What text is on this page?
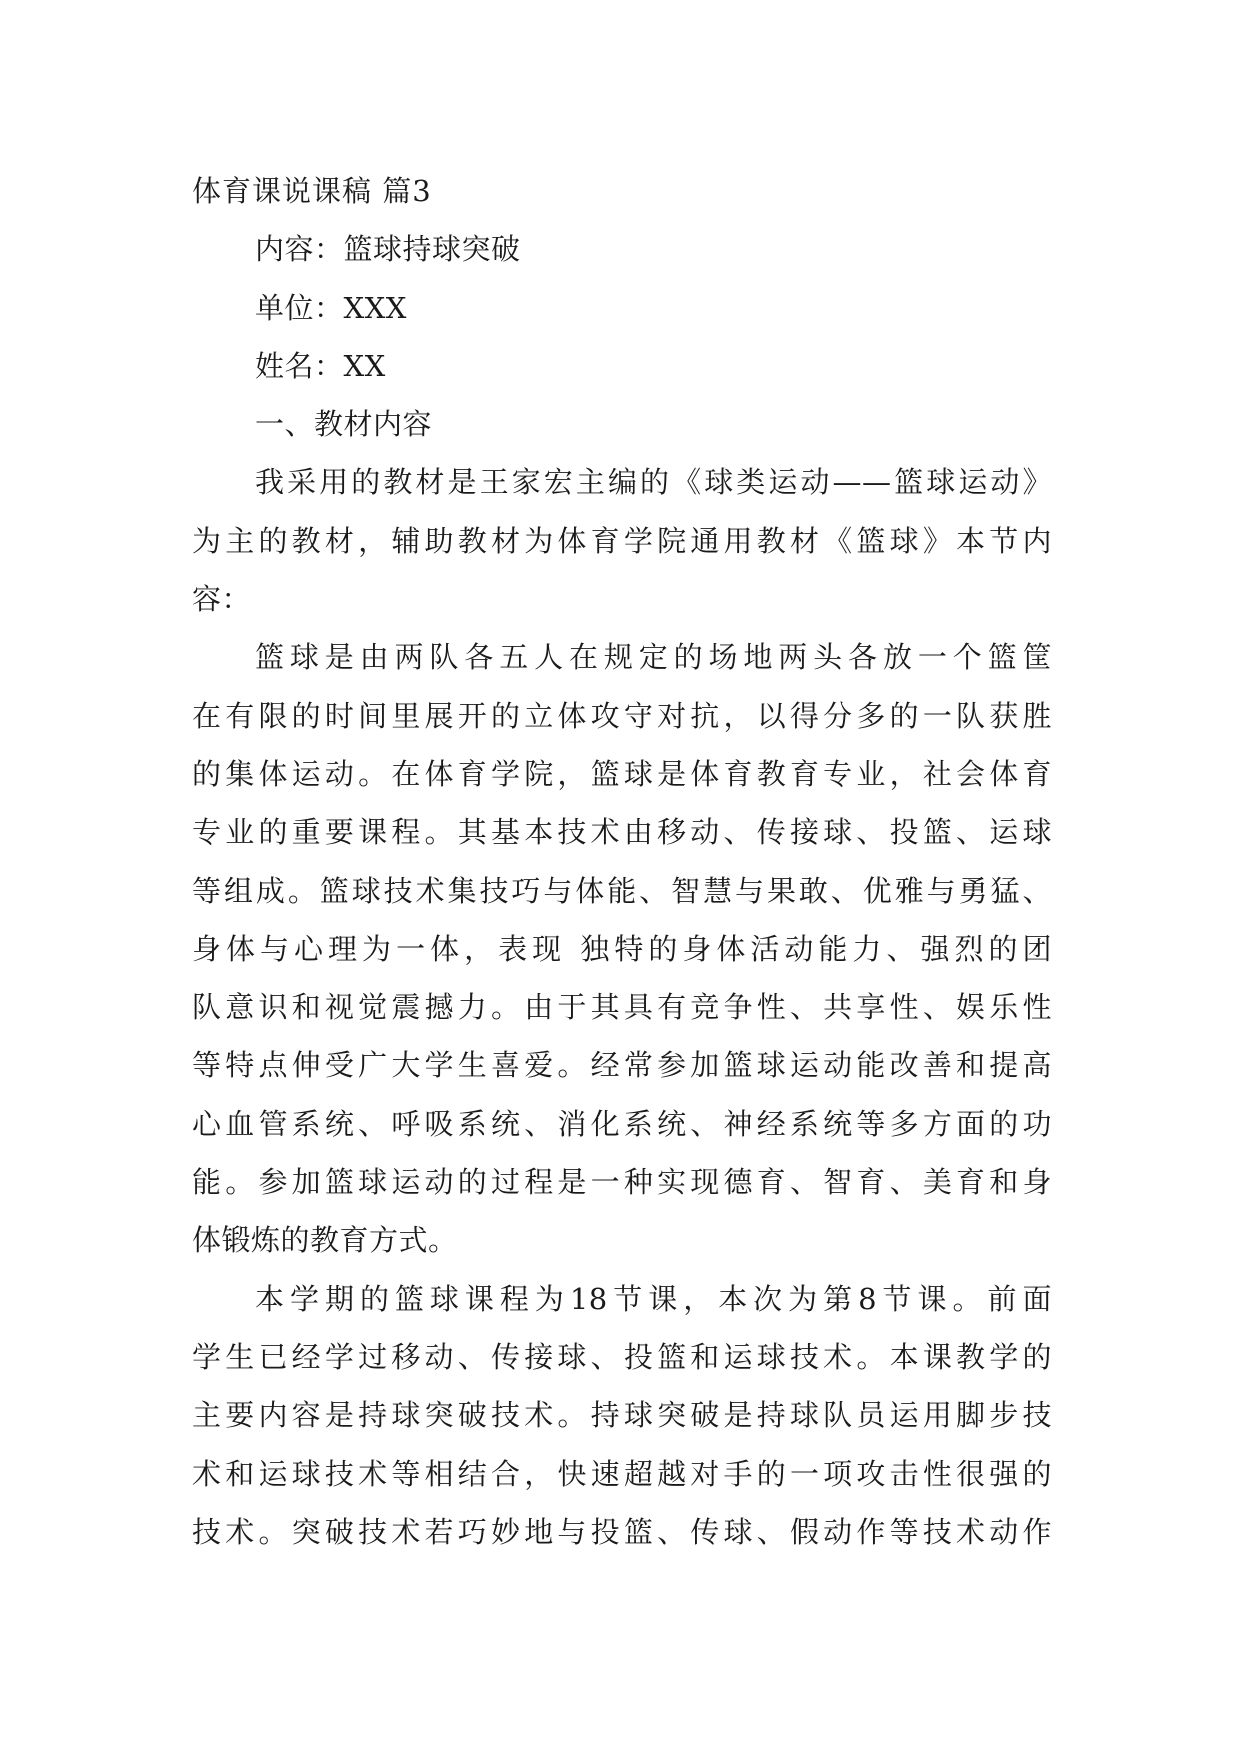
体育课说课稿 篇3
内容：篮球持球突破
单位：XXX
姓名：XX
一、教材内容
我采用的教材是王家宏主编的《球类运动——篮球运动》
为主的教材，辅助教材为体育学院通用教材《篮球》本节内
容：
篮球是由两队各五人在规定的场地两头各放一个篮筐
在有限的时间里展开的立体攻守对抗，以得分多的一队获胜
的集体运动。在体育学院，篮球是体育教育专业，社会体育
专业的重要课程。其基本技术由移动、传接球、投篮、运球
等组成。篮球技术集技巧与体能、智慧与果敢、优雅与勇猛、
身体与心理为一体，表现 独特的身体活动能力、强烈的团
队意识和视觉震撼力。由于其具有竞争性、共享性、娱乐性
等特点伸受广大学生喜爱。经常参加篮球运动能改善和提高
心血管系统、呼吸系统、消化系统、神经系统等多方面的功
能。参加篮球运动的过程是一种实现德育、智育、美育和身
体锻炼的教育方式。
本学期的篮球课程为18节课，本次为第8节课。前面
学生已经学过移动、传接球、投篮和运球技术。本课教学的
主要内容是持球突破技术。持球突破是持球队员运用脚步技
术和运球技术等相结合，快速超越对手的一项攻击性很强的
技术。突破技术若巧妙地与投篮、传球、假动作等技术动作
